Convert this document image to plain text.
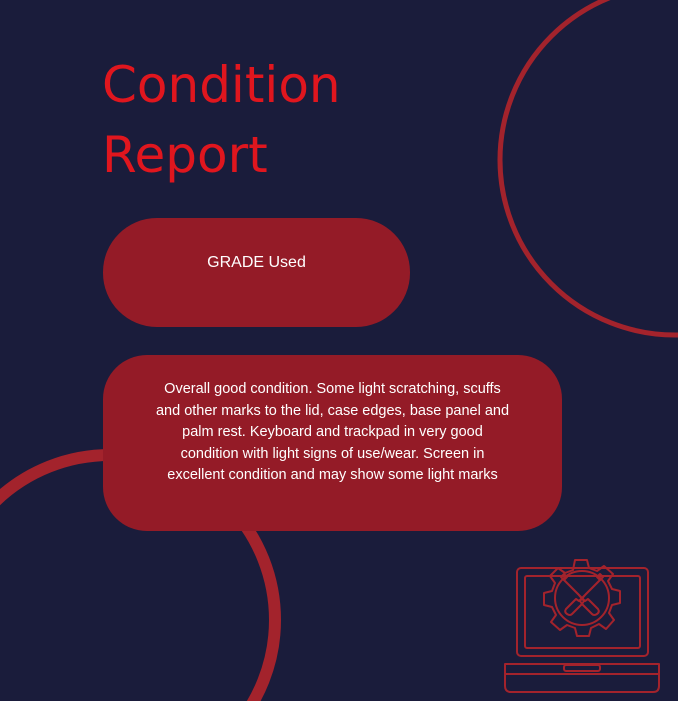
Condition
Report
GRADE Used

Overall good condition. Some light scratching, scuffs and other marks to the lid, case edges, base panel and palm rest. Keyboard and trackpad in very good condition with light signs of use/wear. Screen in excellent condition and may show some light marks
